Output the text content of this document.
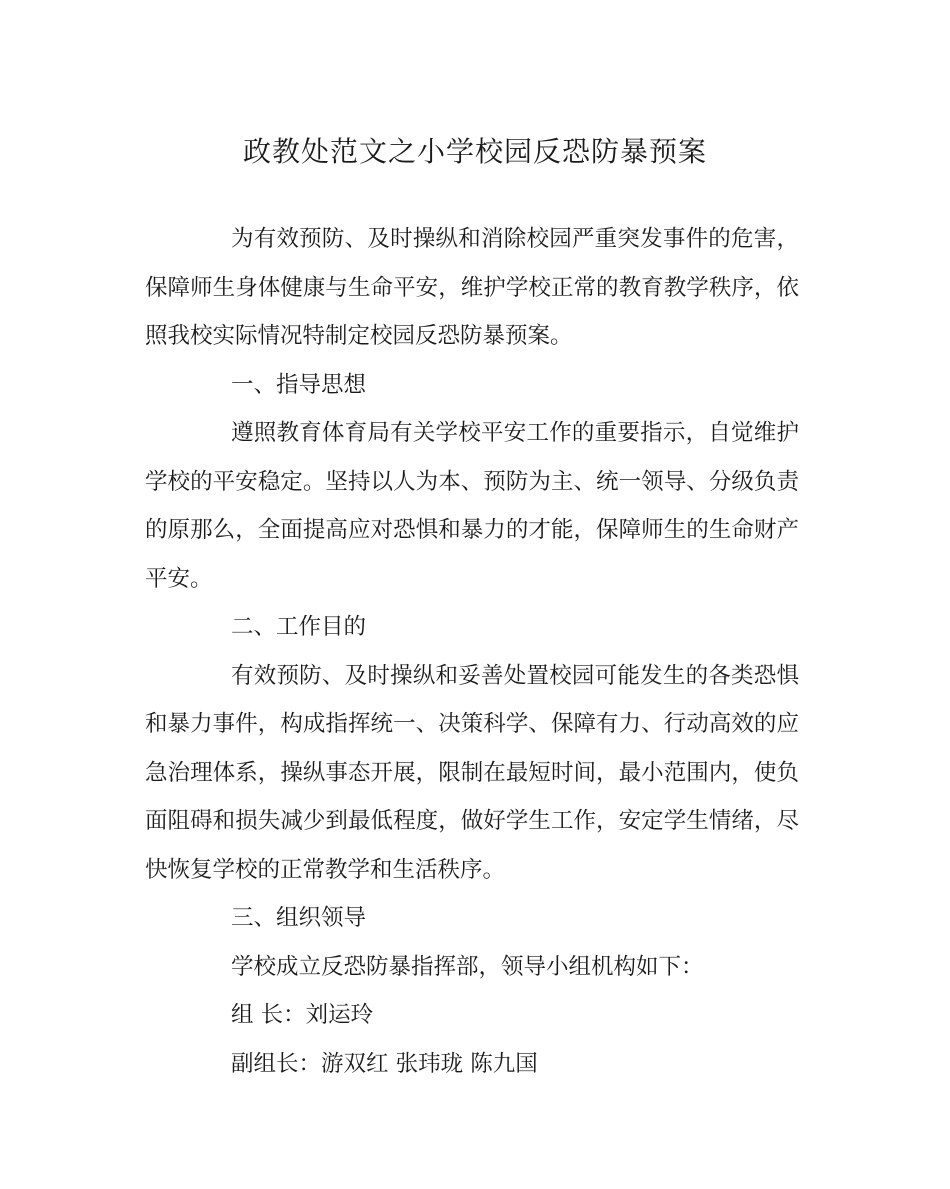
政教处范文之小学校园反恐防暴预案

为有效预防、及时操纵和消除校园严重突发事件的危害，保障师生身体健康与生命平安，维护学校正常的教育教学秩序，依照我校实际情况特制定校园反恐防暴预案。

一、指导思想

遵照教育体育局有关学校平安工作的重要指示，自觉维护学校的平安稳定。坚持以人为本、预防为主、统一领导、分级负责的原那么，全面提高应对恐惧和暴力的才能，保障师生的生命财产平安。

二、工作目的

有效预防、及时操纵和妥善处置校园可能发生的各类恐惧和暴力事件，构成指挥统一、决策科学、保障有力、行动高效的应急治理体系，操纵事态开展，限制在最短时间，最小范围内，使负面阻碍和损失减少到最低程度，做好学生工作，安定学生情绪，尽快恢复学校的正常教学和生活秩序。

三、组织领导

学校成立反恐防暴指挥部，领导小组机构如下：

组 长：刘运玲

副组长：游双红 张玮珑 陈九国
